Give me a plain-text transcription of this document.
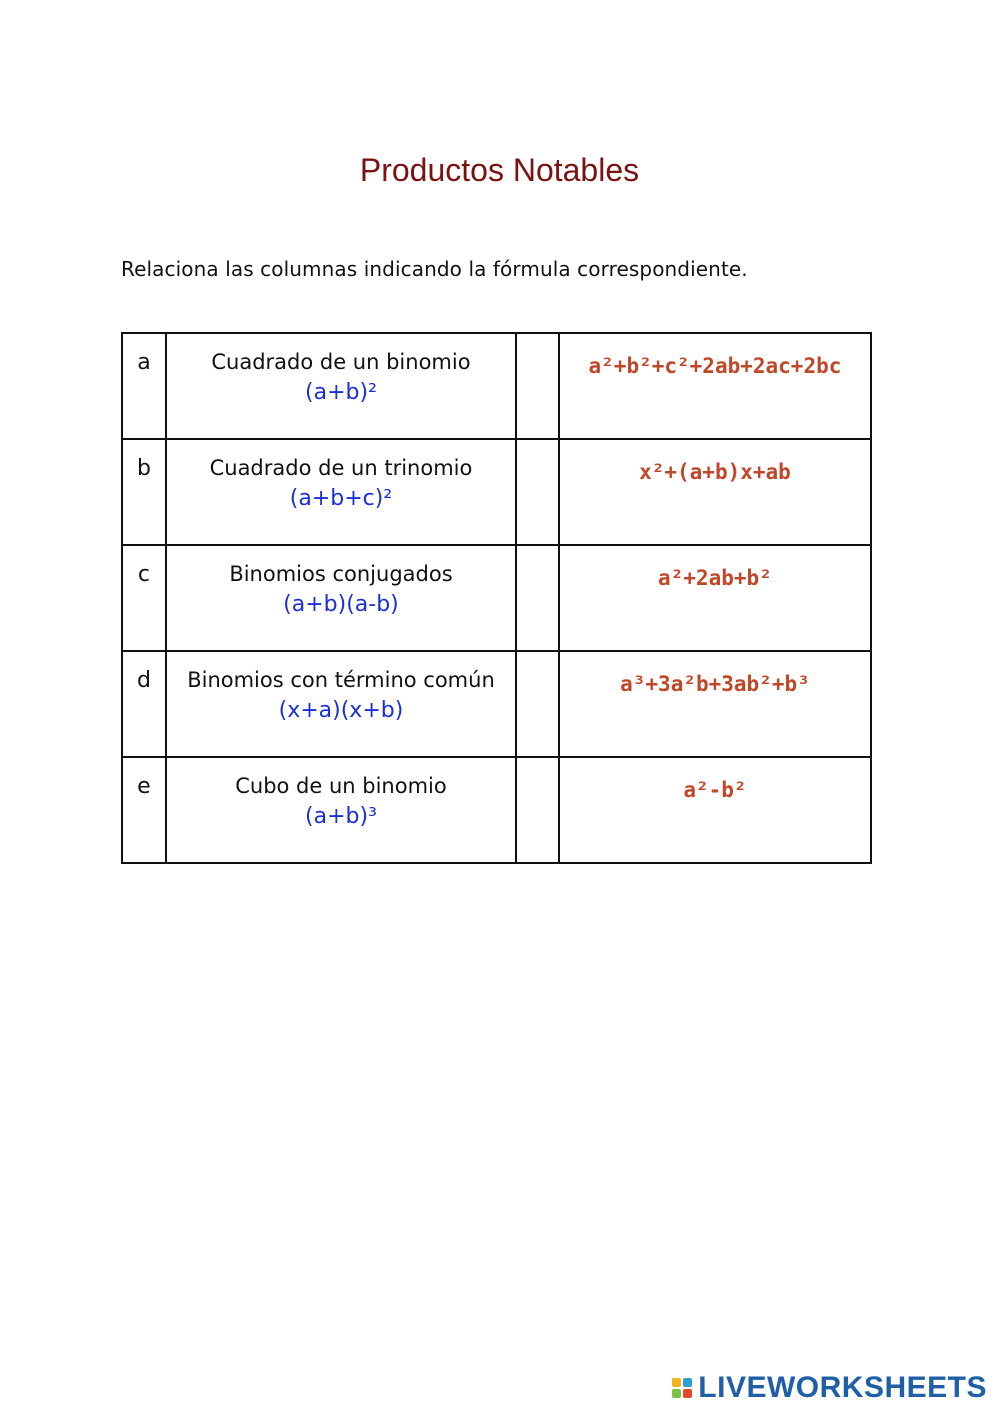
Productos Notables
Relaciona las columnas indicando la fórmula correspondiente.
a	Cuadrado de un binomio
(a+b)²		a²+b²+c²+2ab+2ac+2bc

b	Cuadrado de un trinomio
(a+b+c)²		x²+(a+b)x+ab

c	Binomios conjugados
(a+b)(a-b)		a²+2ab+b²

d	Binomios con término común
(x+a)(x+b)		a³+3a²b+3ab²+b³

e	Cubo de un binomio
(a+b)³		a²-b²
LIVEWORKSHEETS
